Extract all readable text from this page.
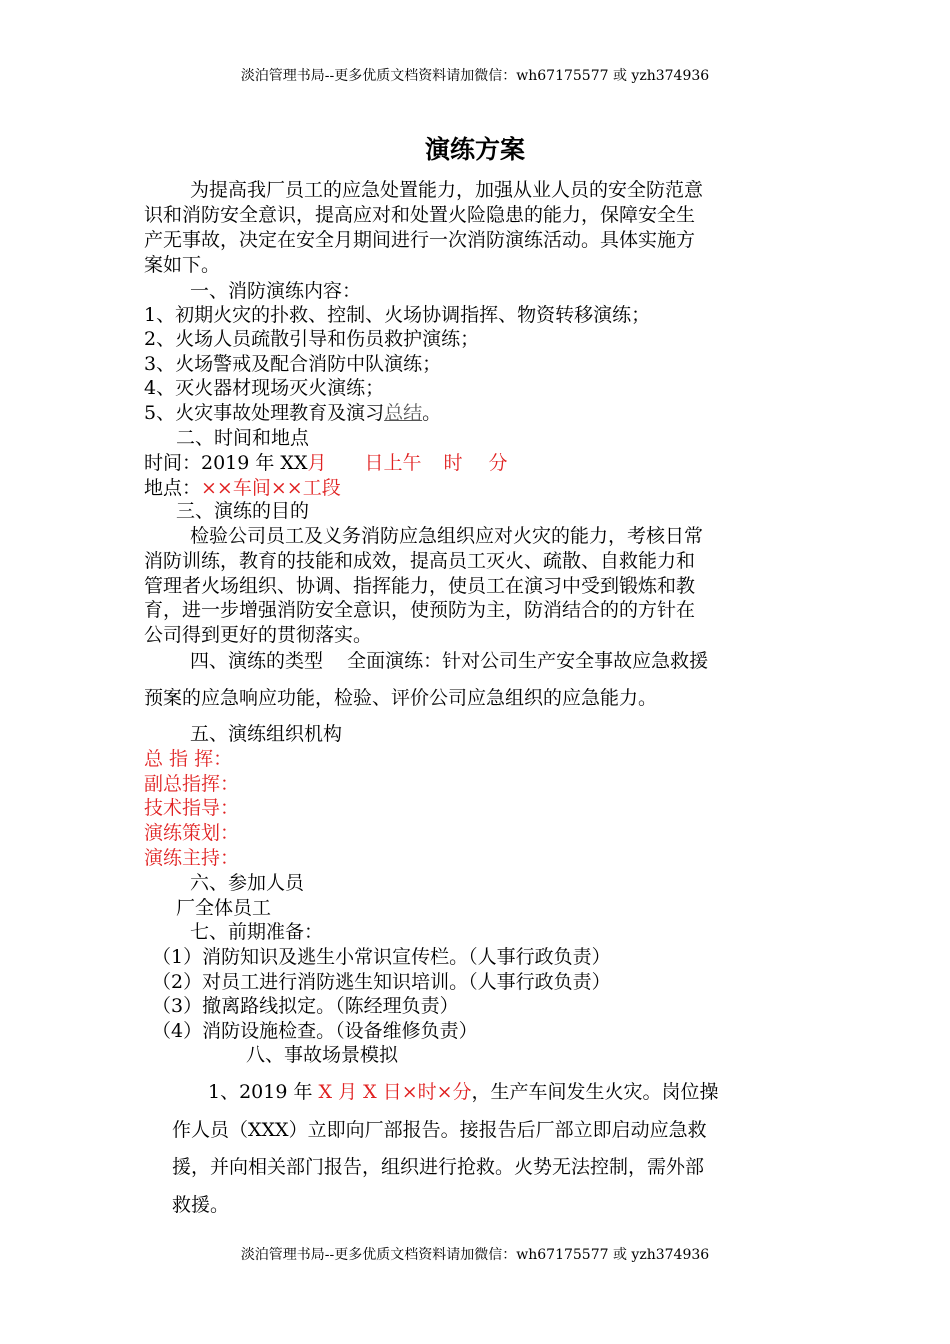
淡泊管理书局--更多优质文档资料请加微信：wh67175577 或 yzh374936
演练方案
为提高我厂员工的应急处置能力，加强从业人员的安全防范意
识和消防安全意识，提高应对和处置火险隐患的能力，保障安全生
产无事故，决定在安全月期间进行一次消防演练活动。具体实施方
案如下。
一、消防演练内容：
1、初期火灾的扑救、控制、火场协调指挥、物资转移演练；
2、火场人员疏散引导和伤员救护演练；
3、火场警戒及配合消防中队演练；
4、灭火器材现场灭火演练；
5、火灾事故处理教育及演习总结。
二、时间和地点
时间：2019 年 XX月 日上午 时 分
地点：××车间××工段
三、演练的目的
检验公司员工及义务消防应急组织应对火灾的能力，考核日常
消防训练，教育的技能和成效，提高员工灭火、疏散、自救能力和
管理者火场组织、协调、指挥能力，使员工在演习中受到锻炼和教
育，进一步增强消防安全意识，使预防为主，防消结合的的方针在
公司得到更好的贯彻落实。
四、演练的类型    全面演练：针对公司生产安全事故应急救援
预案的应急响应功能，检验、评价公司应急组织的应急能力。
五、演练组织机构
总 指 挥：
副总指挥：
技术指导：
演练策划：
演练主持：
六、参加人员
厂全体员工
七、前期准备：
（1）消防知识及逃生小常识宣传栏。（人事行政负责）
（2）对员工进行消防逃生知识培训。（人事行政负责）
（3）撤离路线拟定。（陈经理负责）
（4）消防设施检查。（设备维修负责）
八、事故场景模拟
1、2019 年 X 月 X 日×时×分，生产车间发生火灾。岗位操
作人员（XXX）立即向厂部报告。接报告后厂部立即启动应急救
援，并向相关部门报告，组织进行抢救。火势无法控制，需外部
救援。
淡泊管理书局--更多优质文档资料请加微信：wh67175577 或 yzh374936
